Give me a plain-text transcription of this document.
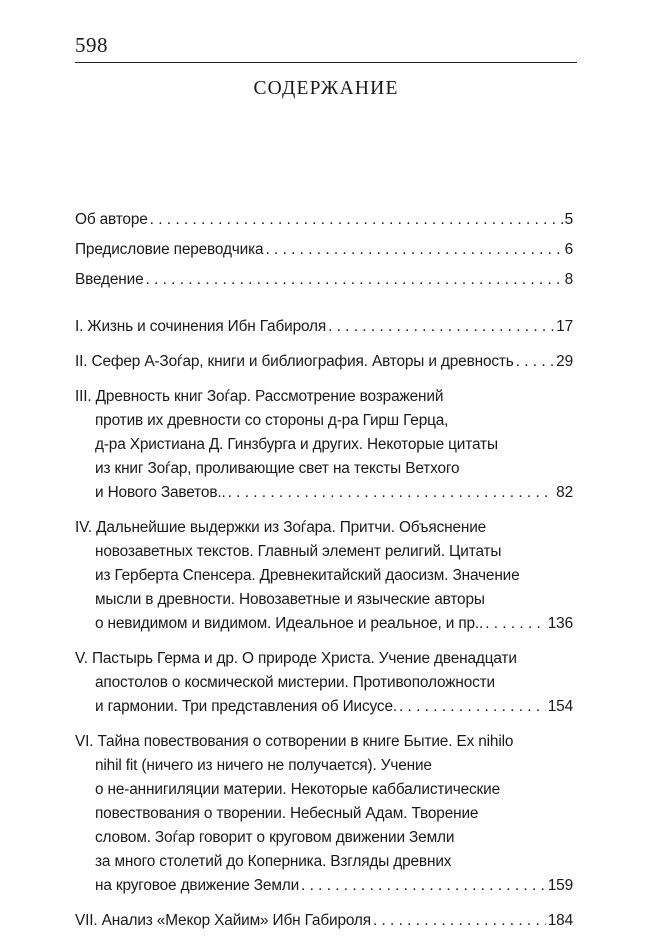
598
СОДЕРЖАНИЕ
Об авторе . . .	5
Предисловие переводчика . . .	6
Введение . . .	8
I. Жизнь и сочинения Ибн Габироля . . .	17
II. Сефер А-Зоѓар, книги и библиография. Авторы и древность . . .	29
III. Древность книг Зоѓар. Рассмотрение возражений
против их древности со стороны д-ра Гирш Герца,
д-ра Христиана Д. Гинзбурга и других. Некоторые цитаты
из книг Зоѓар, проливающие свет на тексты Ветхого
и Нового Заветов.. . . .	82
IV. Дальнейшие выдержки из Зоѓара. Притчи. Объяснение
новозаветных текстов. Главный элемент религий. Цитаты
из Герберта Спенсера. Древнекитайский даосизм. Значение
мысли в древности. Новозаветные и языческие авторы
о невидимом и видимом. Идеальное и реальное, и пр.. . . .	136
V. Пастырь Герма и др. О природе Христа. Учение двенадцати
апостолов о космической мистерии. Противоположности
и гармонии. Три представления об Иисусе. . . .	154
VI. Тайна повествования о сотворении в книге Бытие. Ex nihilo
nihil fit (ничего из ничего не получается). Учение
о не-аннигиляции материи. Некоторые каббалистические
повествования о творении. Небесный Адам. Творение
словом. Зоѓар говорит о круговом движении Земли
за много столетий до Коперника. Взгляды древних
на круговое движение Земли . . .	159
VII. Анализ «Мекор Хайим» Ибн Габироля . . .	184
